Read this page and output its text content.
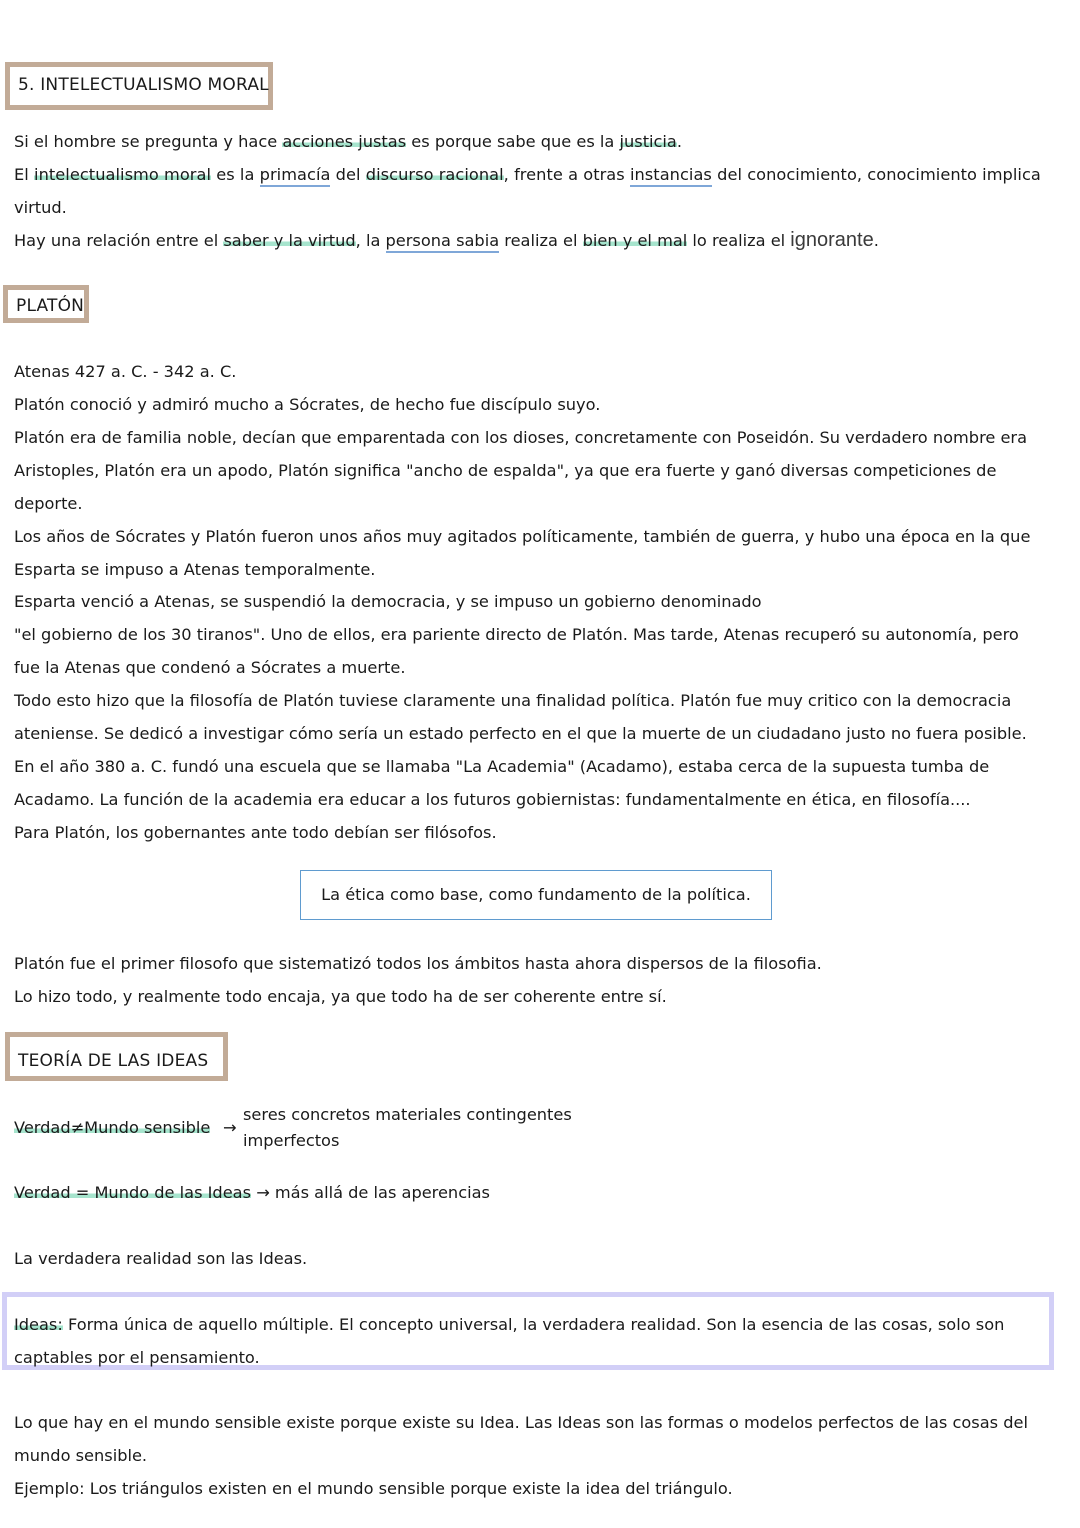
5. INTELECTUALISMO MORAL
Si el hombre se pregunta y hace acciones justas es porque sabe que es la justicia.
El intelectualismo moral es la primacía del discurso racional, frente a otras instancias del conocimiento, conocimiento implica
virtud.
Hay una relación entre el saber y la virtud, la persona sabia realiza el bien y el mal lo realiza el ignorante.
PLATÓN
Atenas 427 a. C. - 342 a. C.
Platón conoció y admiró mucho a Sócrates, de hecho fue discípulo suyo.
Platón era de familia noble, decían que emparentada con los dioses, concretamente con Poseidón. Su verdadero nombre era
Aristoples, Platón era un apodo, Platón significa "ancho de espalda", ya que era fuerte y ganó diversas competiciones de
deporte.
Los años de Sócrates y Platón fueron unos años muy agitados políticamente, también de guerra, y hubo una época en la que
Esparta se impuso a Atenas temporalmente.
Esparta venció a Atenas, se suspendió la democracia, y se impuso un gobierno denominado
"el gobierno de los 30 tiranos". Uno de ellos, era pariente directo de Platón. Mas tarde, Atenas recuperó su autonomía, pero
fue la Atenas que condenó a Sócrates a muerte.
Todo esto hizo que la filosofía de Platón tuviese claramente una finalidad política. Platón fue muy critico con la democracia
ateniense. Se dedicó a investigar cómo sería un estado perfecto en el que la muerte de un ciudadano justo no fuera posible.
En el año 380 a. C. fundó una escuela que se llamaba "La Academia" (Acadamo), estaba cerca de la supuesta tumba de
Acadamo. La función de la academia era educar a los futuros gobiernistas: fundamentalmente en ética, en filosofía....
Para Platón, los gobernantes ante todo debían ser filósofos.
La ética como base, como fundamento de la política.
Platón fue el primer filosofo que sistematizó todos los ámbitos hasta ahora dispersos de la filosofia.
Lo hizo todo, y realmente todo encaja, ya que todo ha de ser coherente entre sí.
TEORÍA DE LAS IDEAS
Verdad≠Mundo sensible →
seres concretos materiales contingentes
imperfectos
Verdad = Mundo de las Ideas → más allá de las aperencias
La verdadera realidad son las Ideas.
Ideas: Forma única de aquello múltiple. El concepto universal, la verdadera realidad. Son la esencia de las cosas, solo son
captables por el pensamiento.
Lo que hay en el mundo sensible existe porque existe su Idea. Las Ideas son las formas o modelos perfectos de las cosas del
mundo sensible.
Ejemplo: Los triángulos existen en el mundo sensible porque existe la idea del triángulo.
